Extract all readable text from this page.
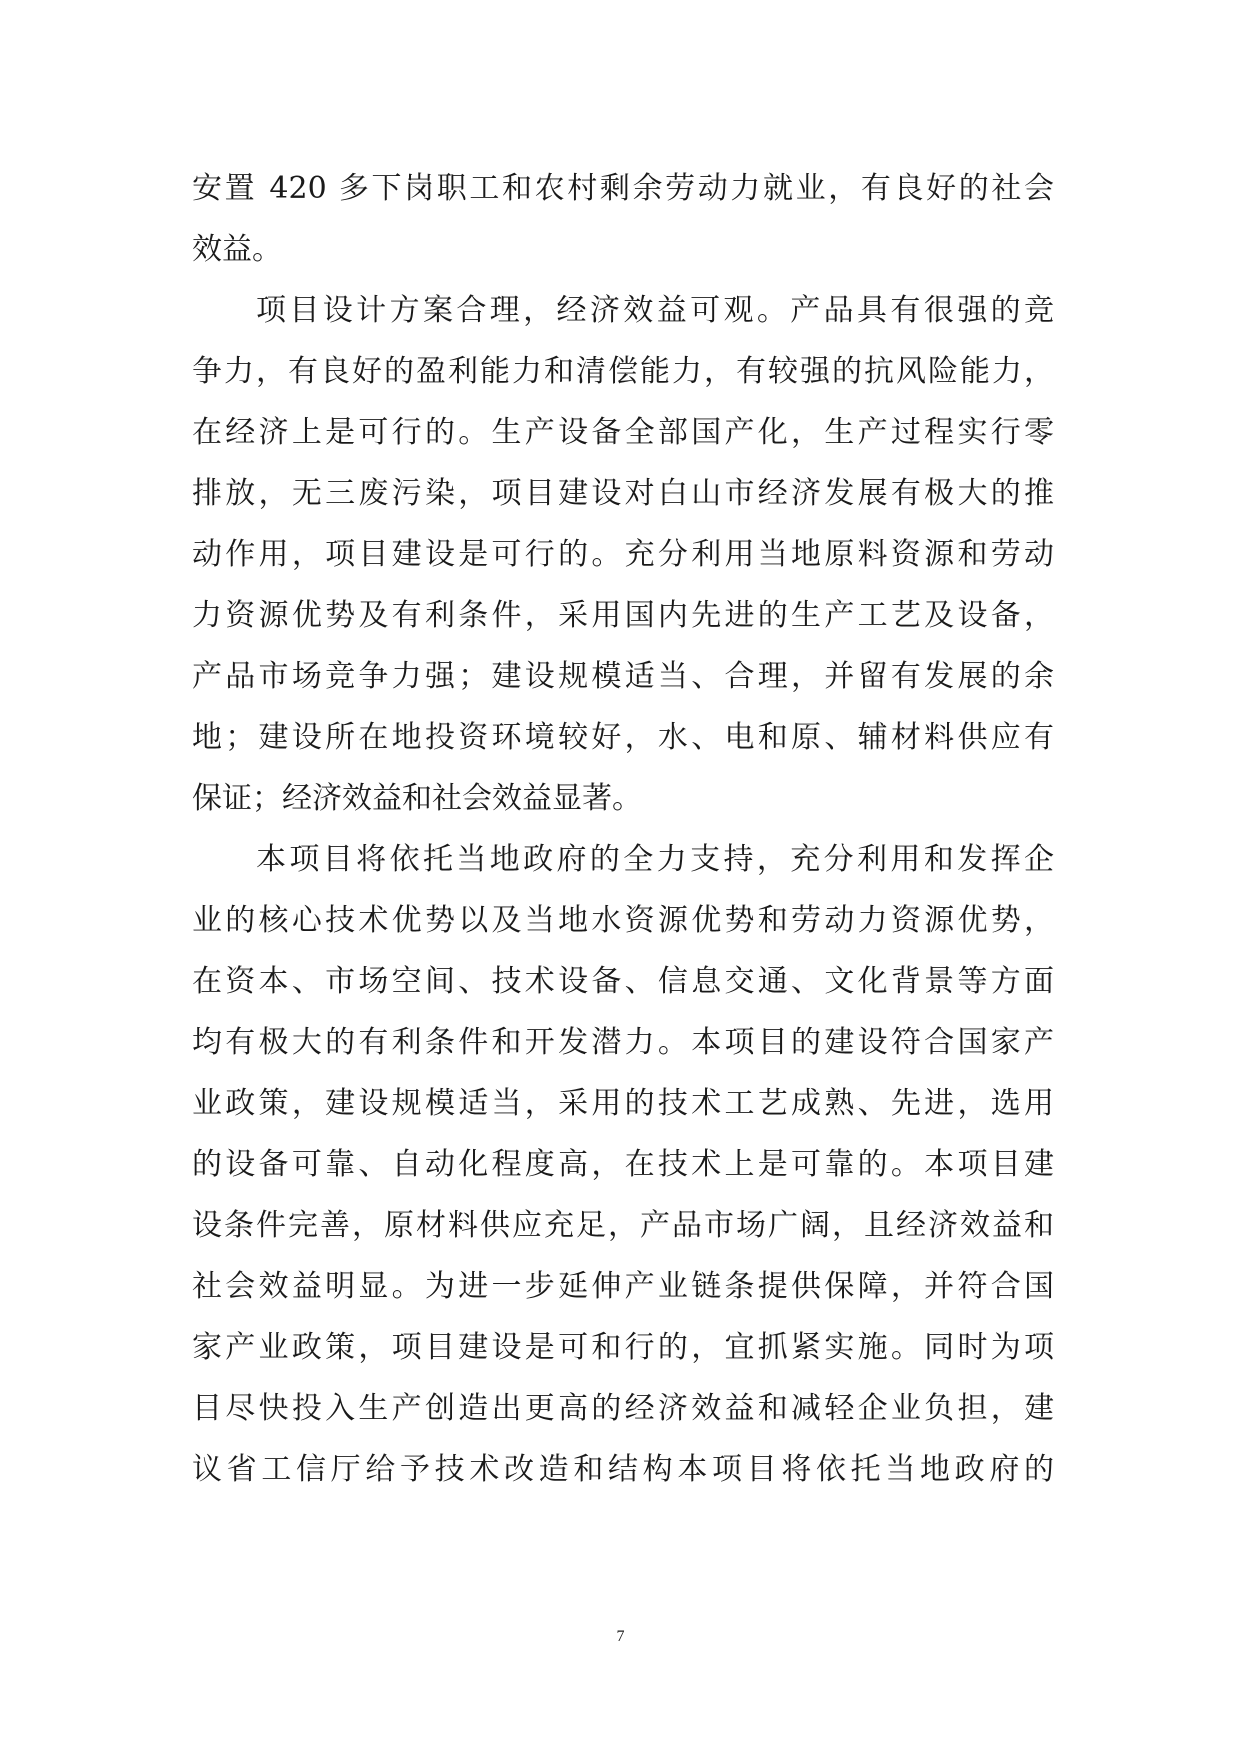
安置 420 多下岗职工和农村剩余劳动力就业，有良好的社会
效益。
项目设计方案合理，经济效益可观。产品具有很强的竞
争力，有良好的盈利能力和清偿能力，有较强的抗风险能力，
在经济上是可行的。生产设备全部国产化，生产过程实行零
排放，无三废污染，项目建设对白山市经济发展有极大的推
动作用，项目建设是可行的。充分利用当地原料资源和劳动
力资源优势及有利条件，采用国内先进的生产工艺及设备，
产品市场竞争力强；建设规模适当、合理，并留有发展的余
地；建设所在地投资环境较好，水、电和原、辅材料供应有
保证；经济效益和社会效益显著。
本项目将依托当地政府的全力支持，充分利用和发挥企
业的核心技术优势以及当地水资源优势和劳动力资源优势，
在资本、市场空间、技术设备、信息交通、文化背景等方面
均有极大的有利条件和开发潜力。本项目的建设符合国家产
业政策，建设规模适当，采用的技术工艺成熟、先进，选用
的设备可靠、自动化程度高，在技术上是可靠的。本项目建
设条件完善，原材料供应充足，产品市场广阔，且经济效益和
社会效益明显。为进一步延伸产业链条提供保障，并符合国
家产业政策，项目建设是可和行的，宜抓紧实施。同时为项
目尽快投入生产创造出更高的经济效益和减轻企业负担，建
议省工信厅给予技术改造和结构本项目将依托当地政府的
7
